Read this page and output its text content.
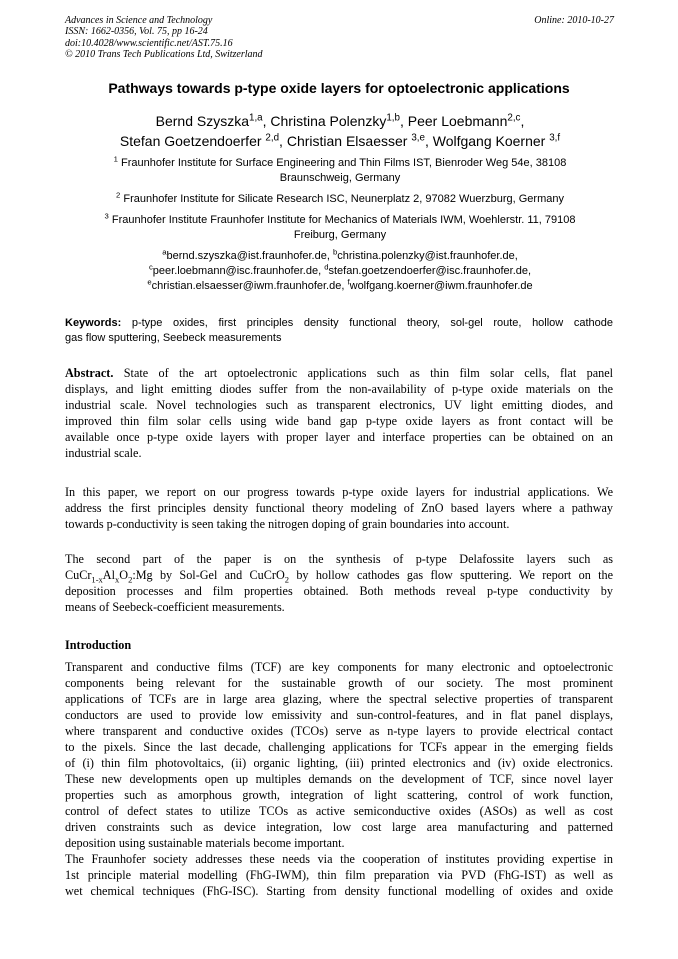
Advances in Science and Technology
ISSN: 1662-0356, Vol. 75, pp 16-24
doi:10.4028/www.scientific.net/AST.75.16
© 2010 Trans Tech Publications Ltd, Switzerland
Online: 2010-10-27
Pathways towards p-type oxide layers for optoelectronic applications
Bernd Szyszka$^{1,a}$, Christina Polenzky$^{1,b}$, Peer Loebmann$^{2,c}$,
Stefan Goetzendoerfer $^{2,d}$, Christian Elsaesser $^{3,e}$, Wolfgang Koerner $^{3,f}$
$^1$ Fraunhofer Institute for Surface Engineering and Thin Films IST, Bienroder Weg 54e, 38108
Braunschweig, Germany
$^2$ Fraunhofer Institute for Silicate Research ISC, Neunerplatz 2, 97082 Wuerzburg, Germany
$^3$ Fraunhofer Institute Fraunhofer Institute for Mechanics of Materials IWM, Woehlerstr. 11, 79108
Freiburg, Germany
$^a$bernd.szyszka@ist.fraunhofer.de, $^b$christina.polenzky@ist.fraunhofer.de,
$^c$peer.loebmann@isc.fraunhofer.de, $^d$stefan.goetzendoerfer@isc.fraunhofer.de,
$^e$christian.elsaesser@iwm.fraunhofer.de, $^f$wolfgang.koerner@iwm.fraunhofer.de
Keywords: p-type oxides, first principles density functional theory, sol-gel route, hollow cathode
gas flow sputtering, Seebeck measurements
Abstract. State of the art optoelectronic applications such as thin film solar cells, flat panel
displays, and light emitting diodes suffer from the non-availability of p-type oxide materials on the
industrial scale. Novel technologies such as transparent electronics, UV light emitting diodes, and
improved thin film solar cells using wide band gap p-type oxide layers as front contact will be
available once p-type oxide layers with proper layer and interface properties can be obtained on an
industrial scale.
In this paper, we report on our progress towards p-type oxide layers for industrial applications. We
address the first principles density functional theory modeling of ZnO based layers where a pathway
towards p-conductivity is seen taking the nitrogen doping of grain boundaries into account.
The second part of the paper is on the synthesis of p-type Delafossite layers such as
$CuCr_{1-x}Al_xO_2:Mg$ by Sol-Gel and CuCrO$_2$ by hollow cathodes gas flow sputtering. We report on the
deposition processes and film properties obtained. Both methods reveal p-type conductivity by
means of Seebeck-coefficient measurements.
Introduction
Transparent and conductive films (TCF) are key components for many electronic and optoelectronic
components being relevant for the sustainable growth of our society. The most prominent
applications of TCFs are in large area glazing, where the spectral selective properties of transparent
conductors are used to provide low emissivity and sun-control-features, and in flat panel displays,
where transparent and conductive oxides (TCOs) serve as n-type layers to provide electrical contact
to the pixels. Since the last decade, challenging applications for TCFs appear in the emerging fields
of (i) thin film photovoltaics, (ii) organic lighting, (iii) printed electronics and (iv) oxide electronics.
These new developments open up multiples demands on the development of TCF, since novel layer
properties such as amorphous growth, integration of light scattering, control of work function,
control of defect states to utilize TCOs as active semiconductive oxides (ASOs) as well as cost
driven constraints such as device integration, low cost large area manufacturing and patterned
deposition using sustainable materials become important.
The Fraunhofer society addresses these needs via the cooperation of institutes providing expertise in
1st principle material modelling (FhG-IWM), thin film preparation via PVD (FhG-IST) as well as
wet chemical techniques (FhG-ISC). Starting from density functional modelling of oxides and oxide
